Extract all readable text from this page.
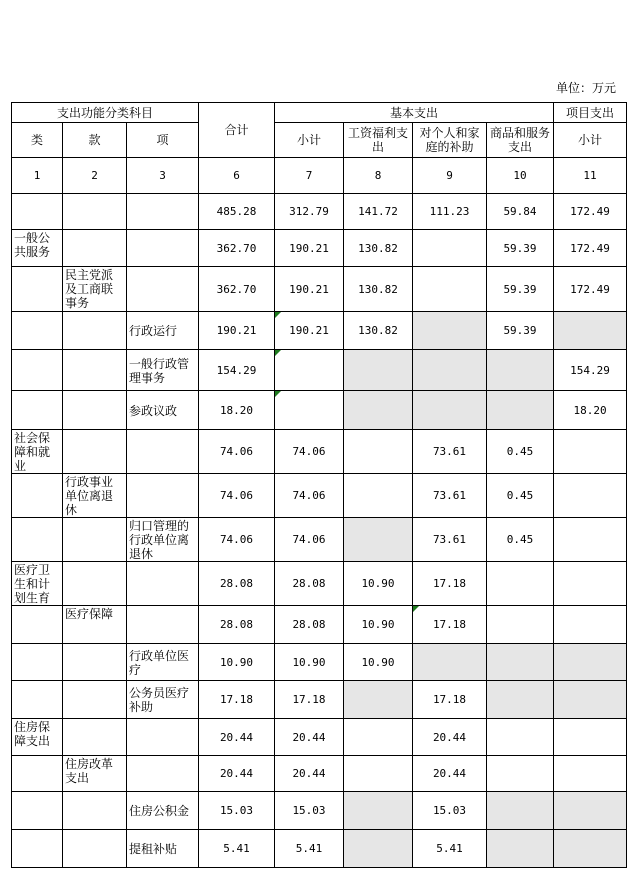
单位：万元
支出功能分类科目			合计	基本支出				项目支出
类	款	项		小计	工资福利支出	对个人和家庭的补助	商品和服务支出	小计
1	2	3	6	7	8	9	10	11
			485.28	312.79	141.72	111.23	59.84	172.49
一般公共服务			362.70	190.21	130.82		59.39	172.49
	民主党派及工商联事务		362.70	190.21	130.82		59.39	172.49
		行政运行	190.21	190.21	130.82		59.39	
		一般行政管理事务	154.29					154.29
		参政议政	18.20					18.20
社会保障和就业			74.06	74.06		73.61	0.45	
	行政事业单位离退休		74.06	74.06		73.61	0.45	
		归口管理的行政单位离退休	74.06	74.06		73.61	0.45	
医疗卫生和计划生育			28.08	28.08	10.90	17.18		
	医疗保障		28.08	28.08	10.90	17.18		
		行政单位医疗	10.90	10.90	10.90			
		公务员医疗补助	17.18	17.18		17.18		
住房保障支出			20.44	20.44		20.44		
	住房改革支出		20.44	20.44		20.44		
		住房公积金	15.03	15.03		15.03		
		提租补贴	5.41	5.41		5.41		
